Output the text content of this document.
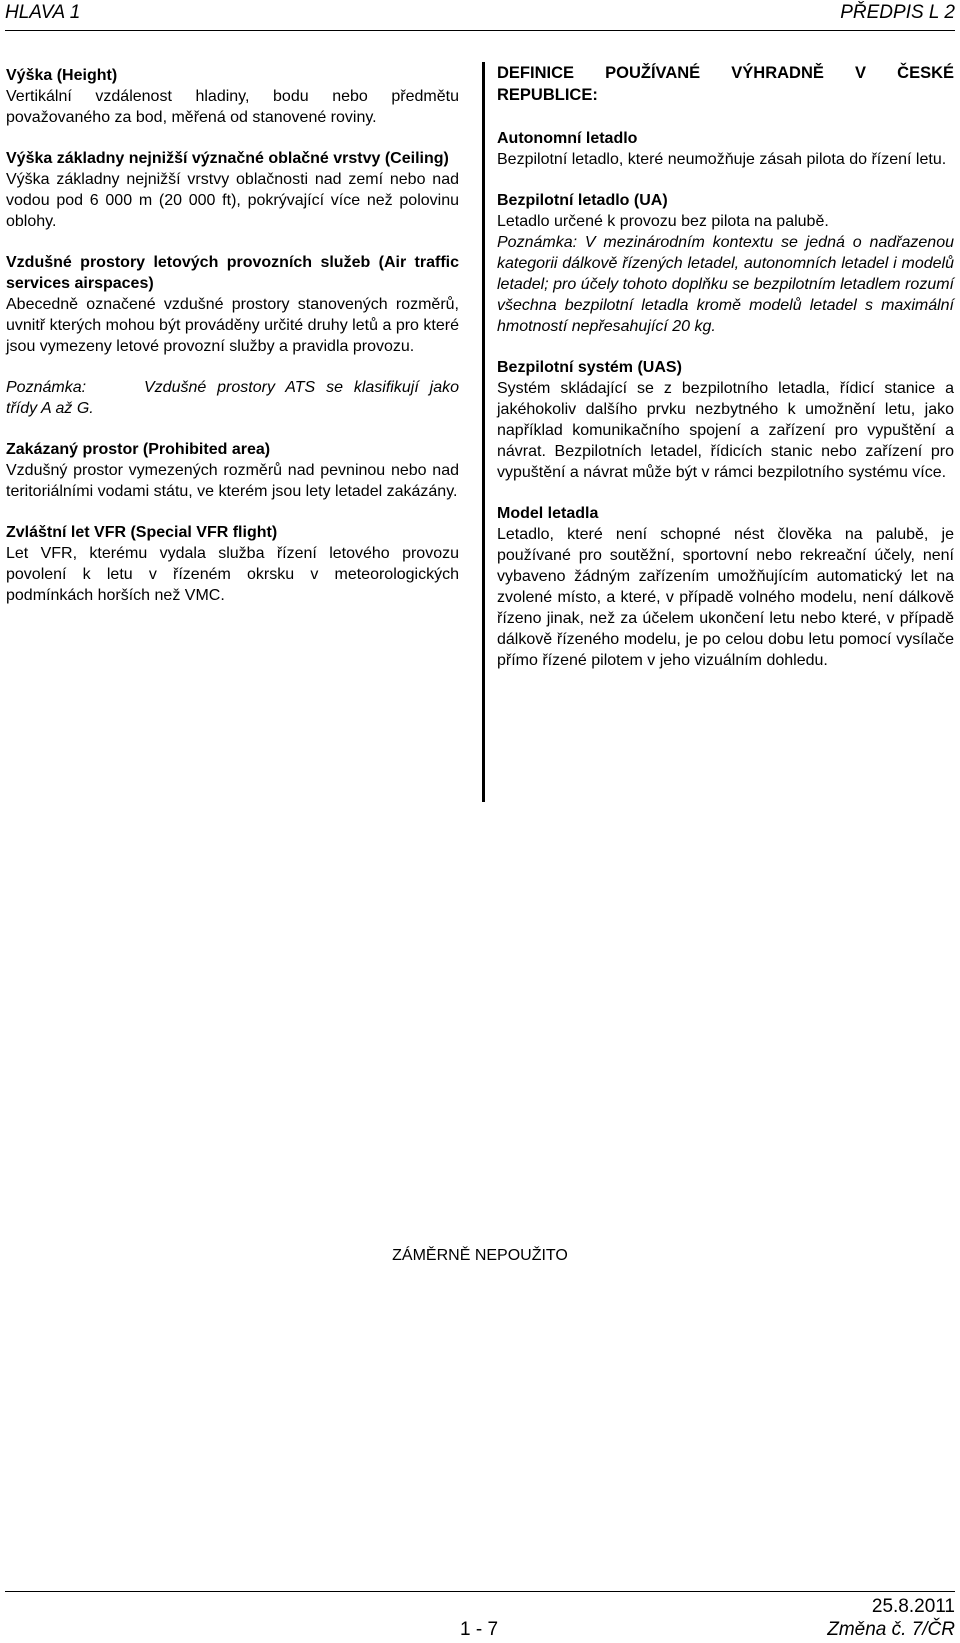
HLAVA 1	PŘEDPIS L 2
Výška (Height)
Vertikální vzdálenost hladiny, bodu nebo předmětu považovaného za bod, měřená od stanovené roviny.
Výška základny nejnižší význačné oblačné vrstvy (Ceiling)
Výška základny nejnižší vrstvy oblačnosti nad zemí nebo nad vodou pod 6 000 m (20 000 ft), pokrývající více než polovinu oblohy.
Vzdušné prostory letových provozních služeb (Air traffic services airspaces)
Abecedně označené vzdušné prostory stanovených rozměrů, uvnitř kterých mohou být prováděny určité druhy letů a pro které jsou vymezeny letové provozní služby a pravidla provozu.
Poznámka:	Vzdušné prostory ATS se klasifikují jako třídy A až G.
Zakázaný prostor (Prohibited area)
Vzdušný prostor vymezených rozměrů nad pevninou nebo nad teritoriálními vodami státu, ve kterém jsou lety letadel zakázány.
Zvláštní let VFR (Special VFR flight)
Let VFR, kterému vydala služba řízení letového provozu povolení k letu v řízeném okrsku v meteorologických podmínkách horších než VMC.
DEFINICE POUŽÍVANÉ VÝHRADNĚ V ČESKÉ
REPUBLICE:
Autonomní letadlo
Bezpilotní letadlo, které neumožňuje zásah pilota do řízení letu.
Bezpilotní letadlo (UA)
Letadlo určené k provozu bez pilota na palubě.
Poznámka: V mezinárodním kontextu se jedná o nadřazenou kategorii dálkově řízených letadel, autonomních letadel i modelů letadel; pro účely tohoto doplňku se bezpilotním letadlem rozumí všechna bezpilotní letadla kromě modelů letadel s maximální hmotností nepřesahující 20 kg.
Bezpilotní systém (UAS)
Systém skládající se z bezpilotního letadla, řídicí stanice a jakéhokoliv dalšího prvku nezbytného k umožnění letu, jako například komunikačního spojení a zařízení pro vypuštění a návrat. Bezpilotních letadel, řídicích stanic nebo zařízení pro vypuštění a návrat může být v rámci bezpilotního systému více.
Model letadla
Letadlo, které není schopné nést člověka na palubě, je používané pro soutěžní, sportovní nebo rekreační účely, není vybaveno žádným zařízením umožňujícím automatický let na zvolené místo, a které, v případě volného modelu, není dálkově řízeno jinak, než za účelem ukončení letu nebo které, v případě dálkově řízeného modelu, je po celou dobu letu pomocí vysílače přímo řízené pilotem v jeho vizuálním dohledu.
ZÁMĚRNĚ NEPOUŽITO
1 - 7
25.8.2011
Změna č. 7/ČR
